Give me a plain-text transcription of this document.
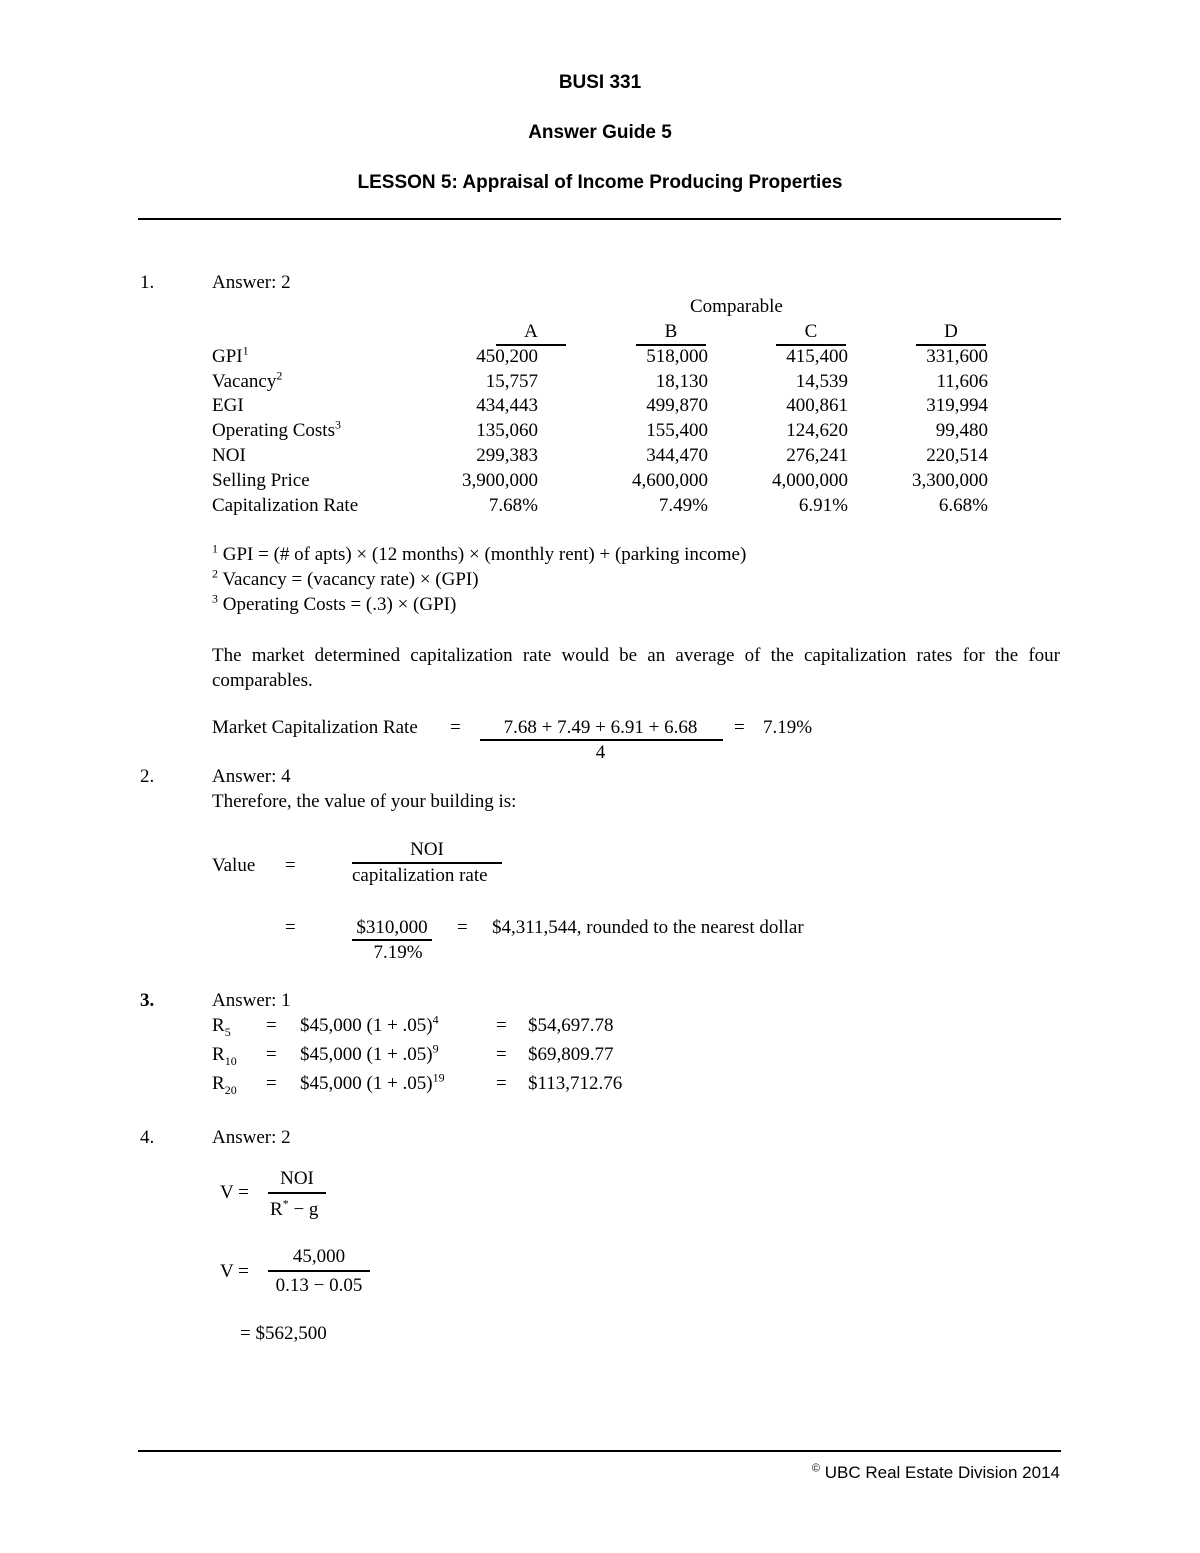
BUSI 331
Answer Guide 5
LESSON 5: Appraisal of Income Producing Properties
1.	Answer: 2
Comparable
A	B	C	D
GPI$^1$	450,200	518,000	415,400	331,600
Vacancy$^2$	15,757	18,130	14,539	11,606
EGI	434,443	499,870	400,861	319,994
Operating Costs$^3$	135,060	155,400	124,620	99,480
NOI	299,383	344,470	276,241	220,514
Selling Price	3,900,000	4,600,000	4,000,000	3,300,000
Capitalization Rate	7.68%	7.49%	6.91%	6.68%
$^1$ GPI = (# of apts) × (12 months) × (monthly rent) + (parking income)
$^2$ Vacancy = (vacancy rate) × (GPI)
$^3$ Operating Costs = (.3) × (GPI)
The market determined capitalization rate would be an average of the capitalization rates for the four comparables.
Market Capitalization Rate =	7.68 + 7.49 + 6.91 + 6.68
4
= 7.19%
2.	Answer: 4
Therefore, the value of your building is:
Value =
NOI
capitalization rate
=	$310,000
7.19%
= $4,311,544, rounded to the nearest dollar
3.	Answer: 1
$R_5$ = $45,000 $(1 + .05)^4$	= $54,697.78
$R_{10}$ = $45,000 $(1 + .05)^9$	= $69,809.77
$R_{20}$ = $45,000 $(1 + .05)^{19}$	= $113,712.76
4.	Answer: 2
V =
NOI
R* − g
V =
45,000
0.13 − 0.05
= $562,500
© UBC Real Estate Division 2014
